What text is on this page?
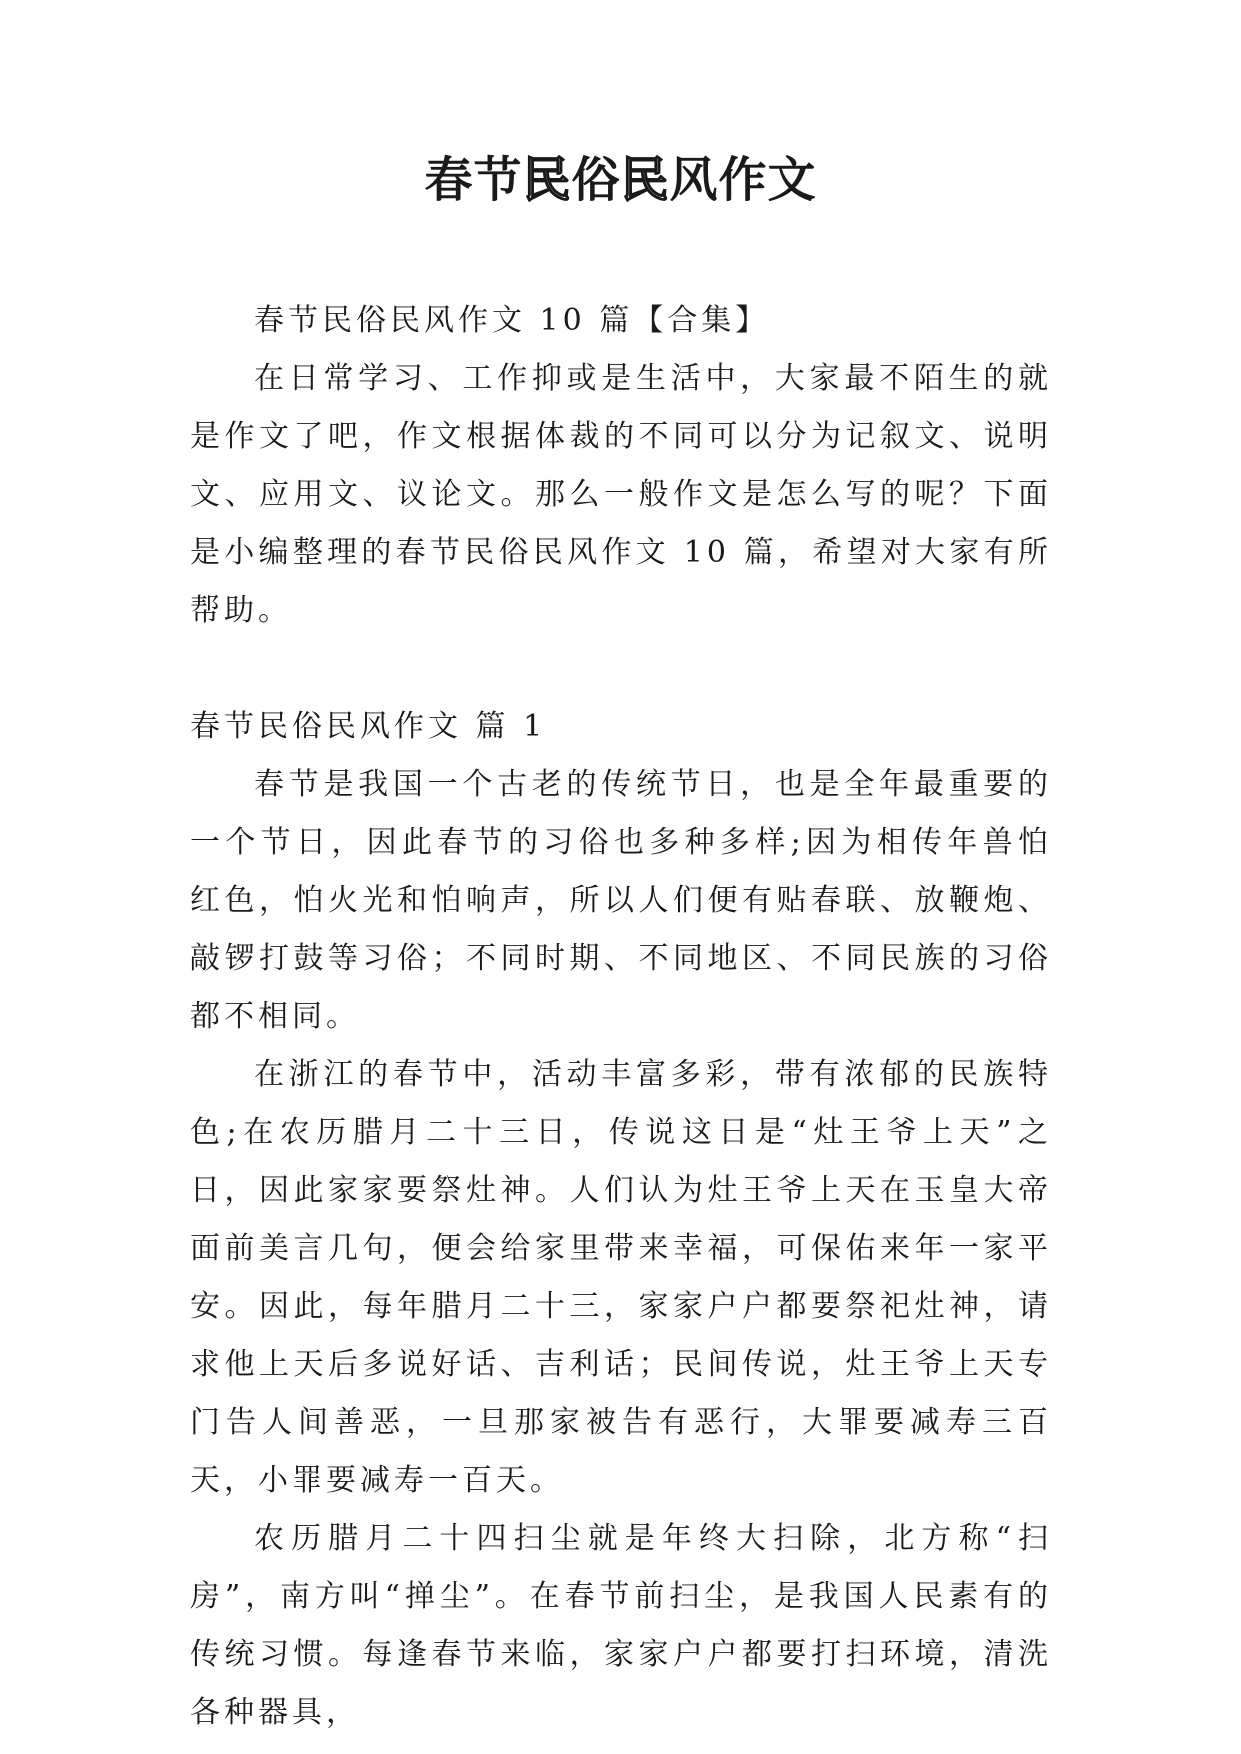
春节民俗民风作文

春节民俗民风作文 10 篇【合集】

在日常学习、工作抑或是生活中，大家最不陌生的就是作文了吧，作文根据体裁的不同可以分为记叙文、说明文、应用文、议论文。那么一般作文是怎么写的呢？下面是小编整理的春节民俗民风作文 10 篇，希望对大家有所帮助。

春节民俗民风作文 篇 1

春节是我国一个古老的传统节日，也是全年最重要的一个节日，因此春节的习俗也多种多样;因为相传年兽怕红色，怕火光和怕响声，所以人们便有贴春联、放鞭炮、敲锣打鼓等习俗；不同时期、不同地区、不同民族的习俗都不相同。

在浙江的春节中，活动丰富多彩，带有浓郁的民族特色;在农历腊月二十三日，传说这日是“灶王爷上天”之日，因此家家要祭灶神。人们认为灶王爷上天在玉皇大帝面前美言几句，便会给家里带来幸福，可保佑来年一家平安。因此，每年腊月二十三，家家户户都要祭祀灶神，请求他上天后多说好话、吉利话；民间传说，灶王爷上天专门告人间善恶，一旦那家被告有恶行，大罪要减寿三百天，小罪要减寿一百天。

农历腊月二十四扫尘就是年终大扫除，北方称“扫房”，南方叫“掸尘”。在春节前扫尘，是我国人民素有的传统习惯。每逢春节来临，家家户户都要打扫环境，清洗各种器具，
